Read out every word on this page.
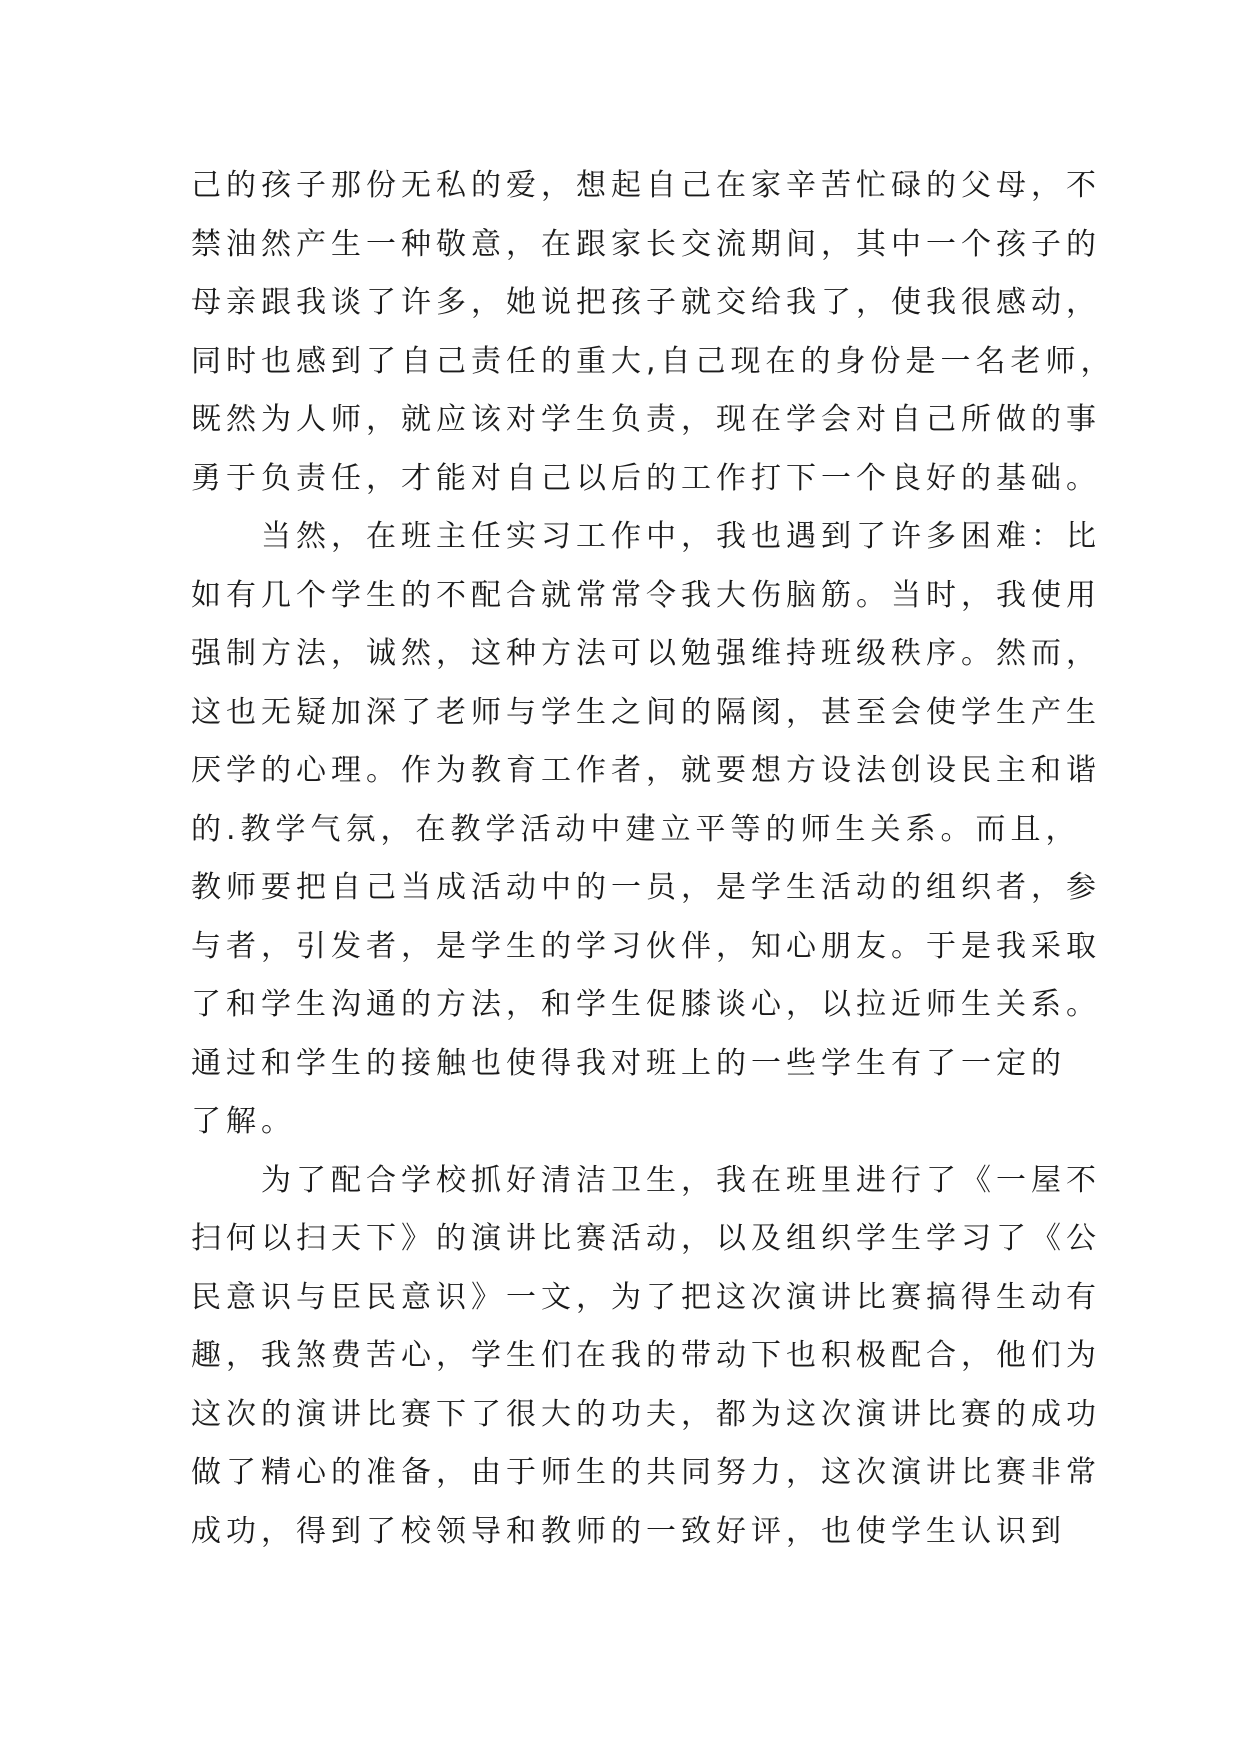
己的孩子那份无私的爱，想起自己在家辛苦忙碌的父母，不
禁油然产生一种敬意，在跟家长交流期间，其中一个孩子的
母亲跟我谈了许多，她说把孩子就交给我了，使我很感动，
同时也感到了自己责任的重大,自己现在的身份是一名老师，
既然为人师，就应该对学生负责，现在学会对自己所做的事
勇于负责任，才能对自己以后的工作打下一个良好的基础。
　　当然，在班主任实习工作中，我也遇到了许多困难：比
如有几个学生的不配合就常常令我大伤脑筋。当时，我使用
强制方法，诚然，这种方法可以勉强维持班级秩序。然而，
这也无疑加深了老师与学生之间的隔阂，甚至会使学生产生
厌学的心理。作为教育工作者，就要想方设法创设民主和谐
的.教学气氛，在教学活动中建立平等的师生关系。而且，
教师要把自己当成活动中的一员，是学生活动的组织者，参
与者，引发者，是学生的学习伙伴，知心朋友。于是我采取
了和学生沟通的方法，和学生促膝谈心，以拉近师生关系。
通过和学生的接触也使得我对班上的一些学生有了一定的
了解。
　　为了配合学校抓好清洁卫生，我在班里进行了《一屋不
扫何以扫天下》的演讲比赛活动，以及组织学生学习了《公
民意识与臣民意识》一文，为了把这次演讲比赛搞得生动有
趣，我煞费苦心，学生们在我的带动下也积极配合，他们为
这次的演讲比赛下了很大的功夫，都为这次演讲比赛的成功
做了精心的准备，由于师生的共同努力，这次演讲比赛非常
成功，得到了校领导和教师的一致好评，也使学生认识到
